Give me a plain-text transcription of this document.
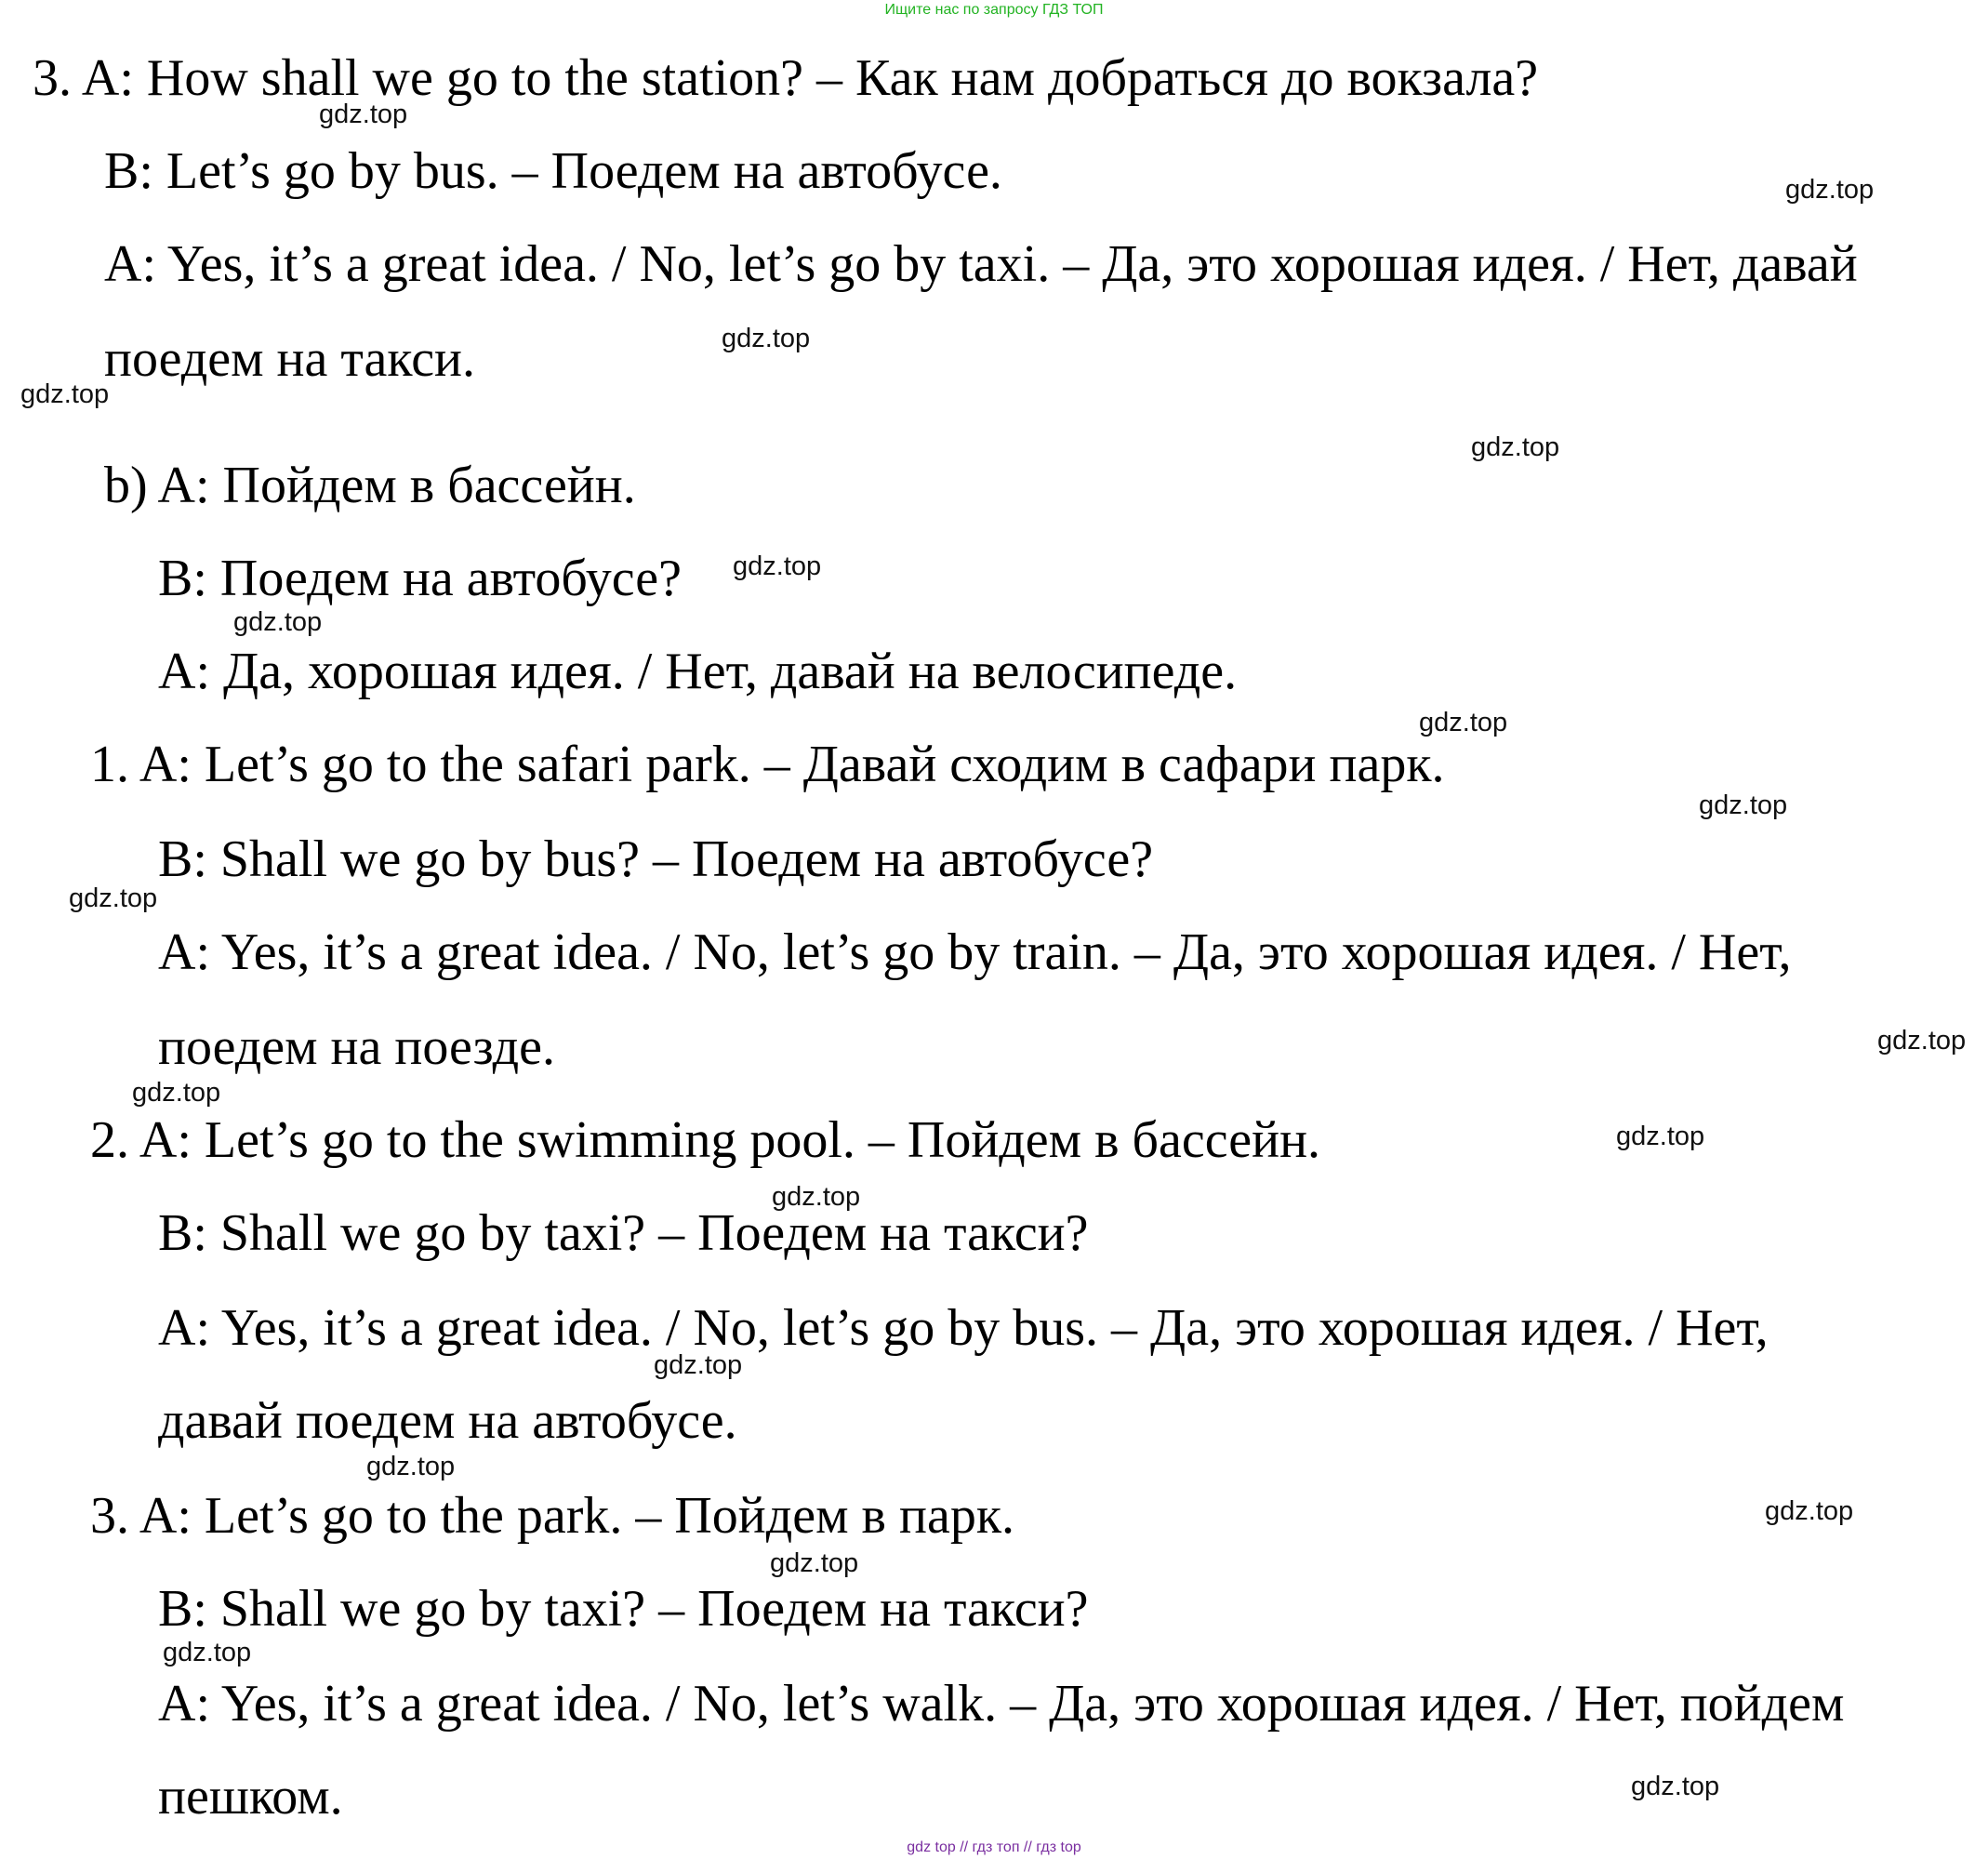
Ищите нас по запросу ГДЗ ТОП
3. A: How shall we go to the station? – Как нам добраться до вокзала?
B: Let’s go by bus. – Поедем на автобусе.
A: Yes, it’s a great idea. / No, let’s go by taxi. – Да, это хорошая идея. / Нет, давай
поедем на такси.
b) A: Пойдем в бассейн.
B: Поедем на автобусе?
A: Да, хорошая идея. / Нет, давай на велосипеде.
1. A: Let’s go to the safari park. – Давай сходим в сафари парк.
B: Shall we go by bus? – Поедем на автобусе?
A: Yes, it’s a great idea. / No, let’s go by train. – Да, это хорошая идея. / Нет,
поедем на поезде.
2. A: Let’s go to the swimming pool. – Пойдем в бассейн.
B: Shall we go by taxi? – Поедем на такси?
A: Yes, it’s a great idea. / No, let’s go by bus. – Да, это хорошая идея. / Нет,
давай поедем на автобусе.
3. A: Let’s go to the park. – Пойдем в парк.
B: Shall we go by taxi? – Поедем на такси?
A: Yes, it’s a great idea. / No, let’s walk. – Да, это хорошая идея. / Нет, пойдем
пешком.
gdz.top
gdz.top
gdz.top
gdz.top
gdz.top
gdz.top
gdz.top
gdz.top
gdz.top
gdz.top
gdz.top
gdz.top
gdz.top
gdz.top
gdz.top
gdz.top
gdz.top
gdz.top
gdz.top
gdz.top
gdz top // гдз топ // гдз top
